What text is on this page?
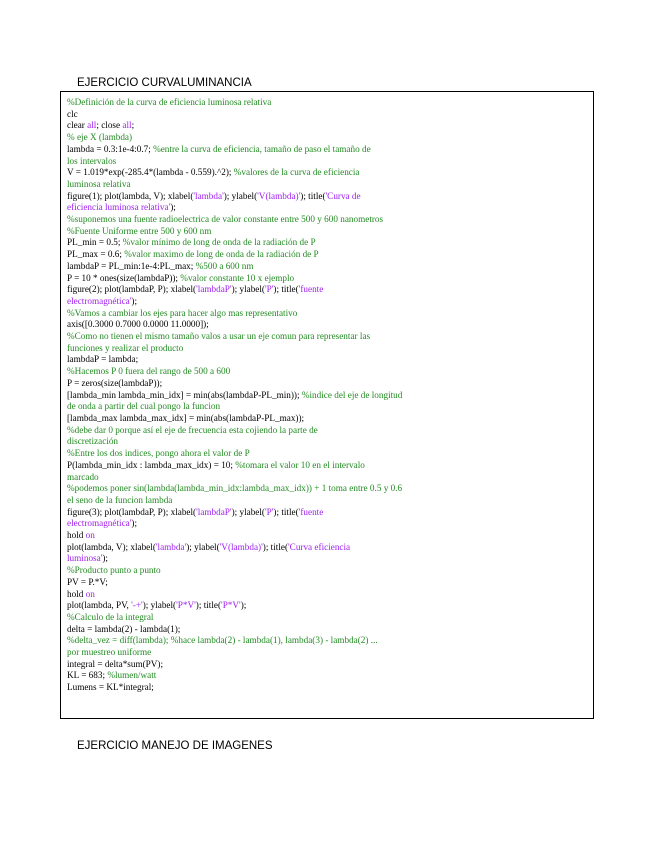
EJERCICIO CURVALUMINANCIA
%Definición de la curva de eficiencia luminosa relativa
clc
clear all; close all;
% eje X (lambda)
lambda = 0.3:1e-4:0.7; %entre la curva de eficiencia, tamaño de paso el tamaño de
los intervalos
V = 1.019*exp(-285.4*(lambda - 0.559).^2); %valores de la curva de eficiencia
luminosa relativa
figure(1); plot(lambda, V); xlabel('lambda'); ylabel('V(lambda)'); title('Curva de
eficiencia luminosa relativa');
%suponemos una fuente radioelectrica de valor constante entre 500 y 600 nanometros
%Fuente Uniforme entre 500 y 600 nm
PL_min = 0.5; %valor mínimo de long de onda de la radiación de P
PL_max = 0.6; %valor maximo de long de onda de la radiación de P
lambdaP = PL_min:1e-4:PL_max; %500 a 600 nm
P = 10 * ones(size(lambdaP)); %valor constante 10 x ejemplo
figure(2); plot(lambdaP, P); xlabel('lambdaP'); ylabel('P'); title('fuente
electromagnética');
%Vamos a cambiar los ejes para hacer algo mas representativo
axis([0.3000 0.7000 0.0000 11.0000]);
%Como no tienen el mismo tamaño valos a usar un eje comun para representar las
funciones y realizar el producto
lambdaP = lambda;
%Hacemos P 0 fuera del rango de 500 a 600
P = zeros(size(lambdaP));
[lambda_min lambda_min_idx] = min(abs(lambdaP-PL_min)); %indice del eje de longitud
de onda a partir del cual pongo la funcion
[lambda_max lambda_max_idx] = min(abs(lambdaP-PL_max));
%debe dar 0 porque así el eje de frecuencia esta cojiendo la parte de
discretización
%Entre los dos indices, pongo ahora el valor de P
P(lambda_min_idx : lambda_max_idx) = 10; %tomara el valor 10 en el intervalo
marcado
%podemos poner sin(lambda(lambda_min_idx:lambda_max_idx)) + 1 toma entre 0.5 y 0.6
el seno de la funcion lambda
figure(3); plot(lambdaP, P); xlabel('lambdaP'); ylabel('P'); title('fuente
electromagnética');
hold on
plot(lambda, V); xlabel('lambda'); ylabel('V(lambda)'); title('Curva eficiencia
luminosa');
%Producto punto a punto
PV = P.*V;
hold on
plot(lambda, PV, '-+'); ylabel('P*V'); title('P*V');
%Calculo de la integral
delta = lambda(2) - lambda(1);
%delta_vez = diff(lambda); %hace lambda(2) - lambda(1), lambda(3) - lambda(2) ...
por muestreo uniforme
integral = delta*sum(PV);
KL = 683; %lumen/watt
Lumens = KL*integral;
EJERCICIO MANEJO DE IMAGENES
